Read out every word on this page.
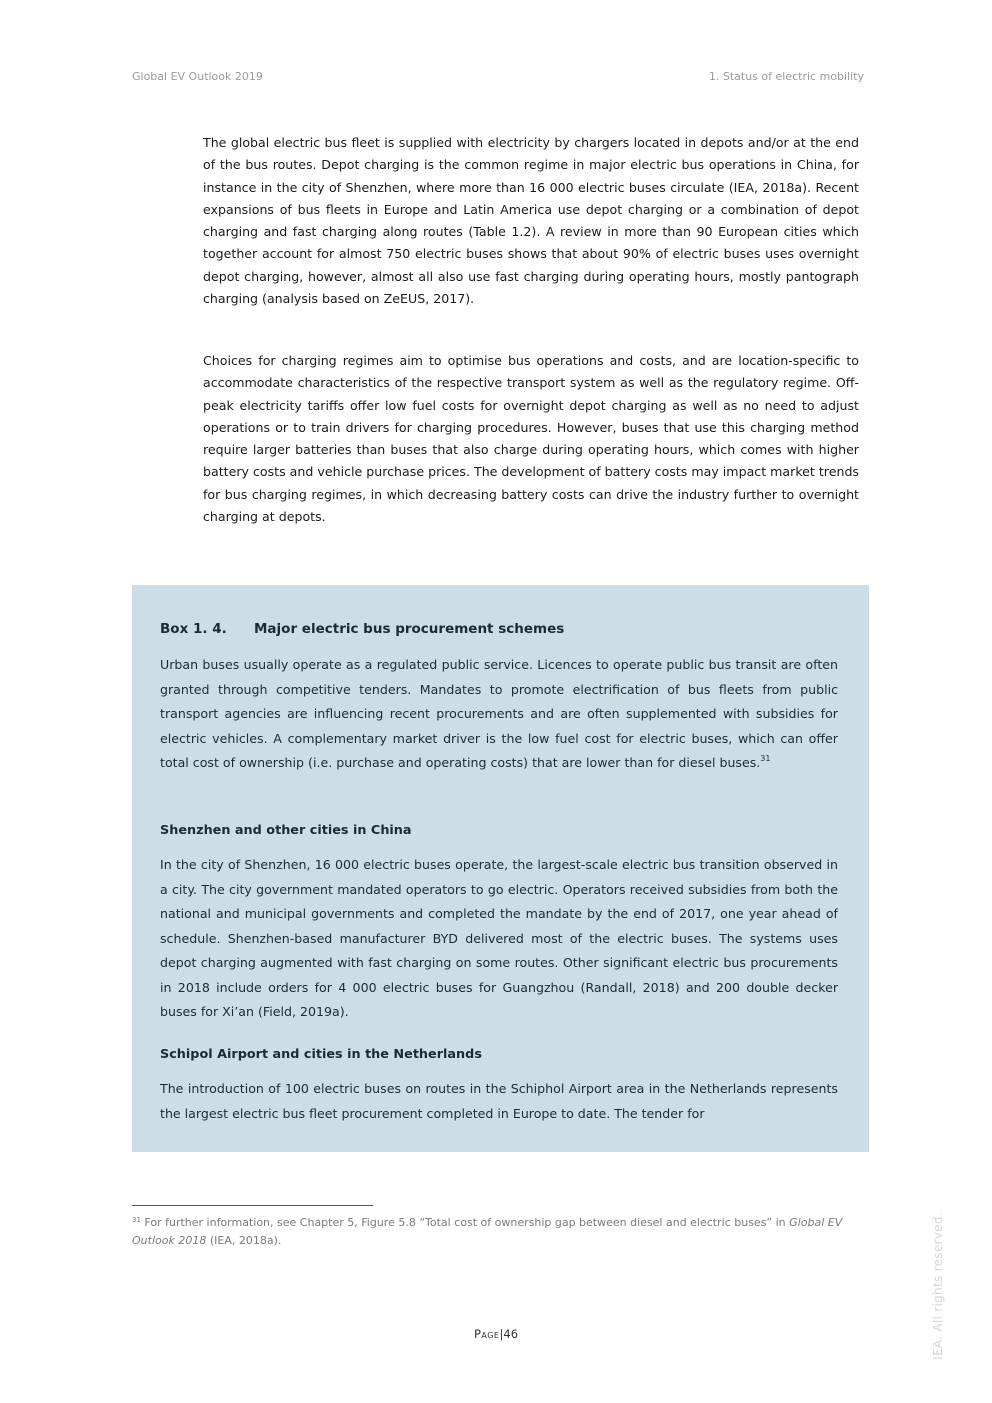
Global EV Outlook 2019	1. Status of electric mobility

The global electric bus fleet is supplied with electricity by chargers located in depots and/or at the end of the bus routes. Depot charging is the common regime in major electric bus operations in China, for instance in the city of Shenzhen, where more than 16 000 electric buses circulate (IEA, 2018a). Recent expansions of bus fleets in Europe and Latin America use depot charging or a combination of depot charging and fast charging along routes (Table 1.2). A review in more than 90 European cities which together account for almost 750 electric buses shows that about 90% of electric buses uses overnight depot charging, however, almost all also use fast charging during operating hours, mostly pantograph charging (analysis based on ZeEUS, 2017).

Choices for charging regimes aim to optimise bus operations and costs, and are location-specific to accommodate characteristics of the respective transport system as well as the regulatory regime. Off-peak electricity tariffs offer low fuel costs for overnight depot charging as well as no need to adjust operations or to train drivers for charging procedures. However, buses that use this charging method require larger batteries than buses that also charge during operating hours, which comes with higher battery costs and vehicle purchase prices. The development of battery costs may impact market trends for bus charging regimes, in which decreasing battery costs can drive the industry further to overnight charging at depots.

Box 1. 4. Major electric bus procurement schemes

Urban buses usually operate as a regulated public service. Licences to operate public bus transit are often granted through competitive tenders. Mandates to promote electrification of bus fleets from public transport agencies are influencing recent procurements and are often supplemented with subsidies for electric vehicles. A complementary market driver is the low fuel cost for electric buses, which can offer total cost of ownership (i.e. purchase and operating costs) that are lower than for diesel buses.$^{31}$

Shenzhen and other cities in China

In the city of Shenzhen, 16 000 electric buses operate, the largest-scale electric bus transition observed in a city. The city government mandated operators to go electric. Operators received subsidies from both the national and municipal governments and completed the mandate by the end of 2017, one year ahead of schedule. Shenzhen-based manufacturer BYD delivered most of the electric buses. The systems uses depot charging augmented with fast charging on some routes. Other significant electric bus procurements in 2018 include orders for 4 000 electric buses for Guangzhou (Randall, 2018) and 200 double decker buses for Xi’an (Field, 2019a).

Schipol Airport and cities in the Netherlands

The introduction of 100 electric buses on routes in the Schiphol Airport area in the Netherlands represents the largest electric bus fleet procurement completed in Europe to date. The tender for

$^{31}$ For further information, see Chapter 5, Figure 5.8 “Total cost of ownership gap between diesel and electric buses” in Global EV Outlook 2018 (IEA, 2018a).

Page|46	IEA. All rights reserved.
